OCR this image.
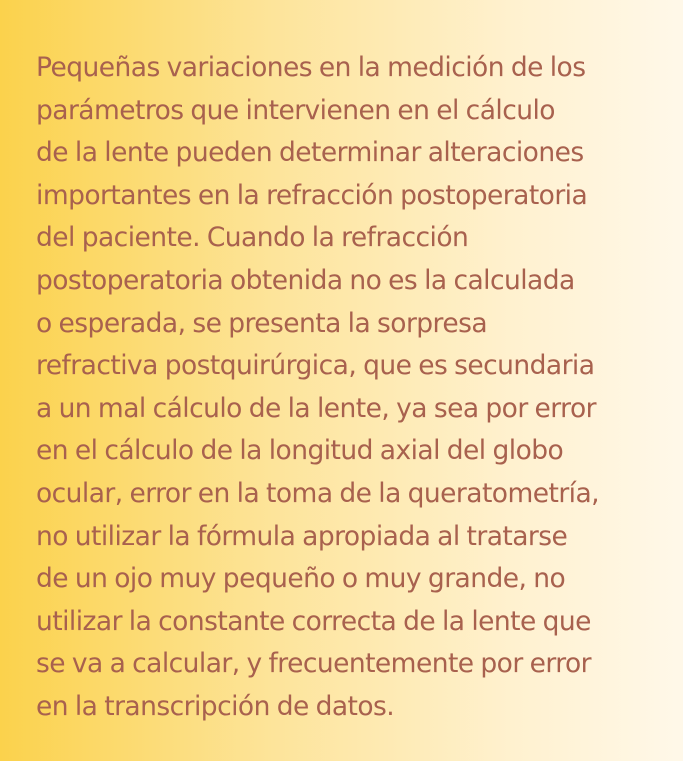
Pequeñas variaciones en la medición de los
parámetros que intervienen en el cálculo
de la lente pueden determinar alteraciones
importantes en la refracción postoperatoria
del paciente. Cuando la refracción
postoperatoria obtenida no es la calculada
o esperada, se presenta la sorpresa
refractiva postquirúrgica, que es secundaria
a un mal cálculo de la lente, ya sea por error
en el cálculo de la longitud axial del globo
ocular, error en la toma de la queratometría,
no utilizar la fórmula apropiada al tratarse
de un ojo muy pequeño o muy grande, no
utilizar la constante correcta de la lente que
se va a calcular, y frecuentemente por error
en la transcripción de datos.
